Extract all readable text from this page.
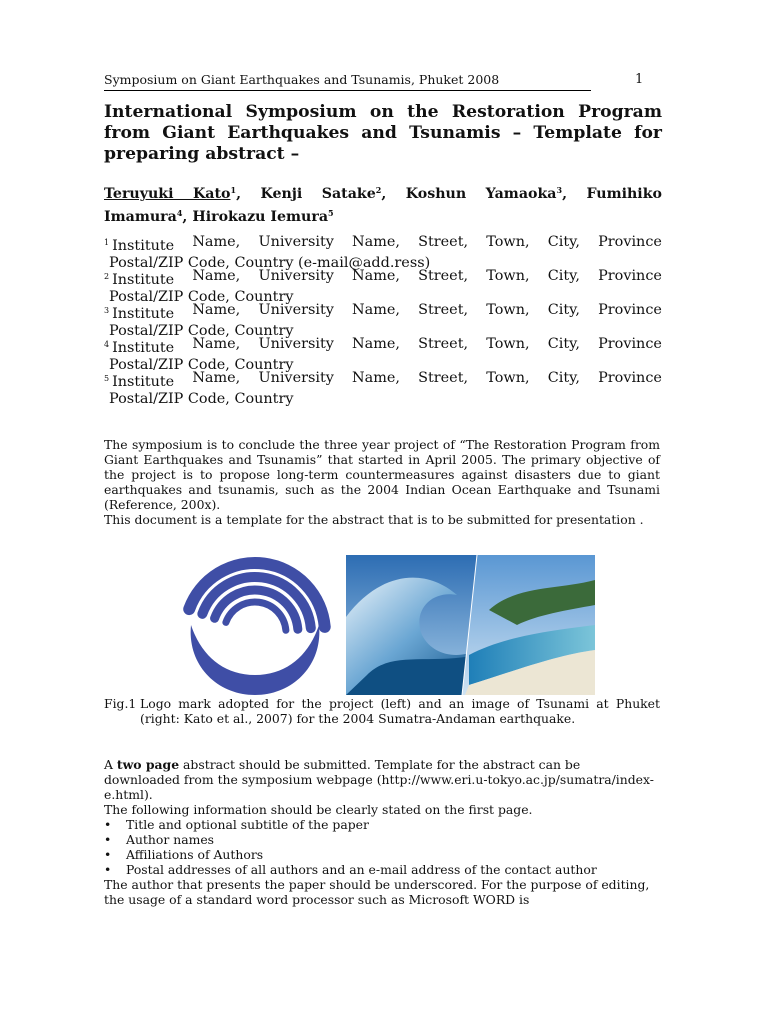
Symposium on Giant Earthquakes and Tsunamis, Phuket 2008	1
International Symposium on the Restoration Program from Giant Earthquakes and Tsunamis – Template for preparing abstract –
Teruyuki Kato$^1$, Kenji Satake$^2$, Koshun Yamaoka$^3$, Fumihiko Imamura$^4$, Hirokazu Iemura$^5$
$^1$ Institute Name, University Name, Street, Town, City, Province
Postal/ZIP Code, Country (e-mail@add.ress)
$^2$ Institute Name, University Name, Street, Town, City, Province
Postal/ZIP Code, Country
$^3$ Institute Name, University Name, Street, Town, City, Province
Postal/ZIP Code, Country
$^4$ Institute Name, University Name, Street, Town, City, Province
Postal/ZIP Code, Country
$^5$ Institute Name, University Name, Street, Town, City, Province
Postal/ZIP Code, Country

The symposium is to conclude the three year project of “The Restoration Program from Giant Earthquakes and Tsunamis” that started in April 2005. The primary objective of the project is to propose long-term countermeasures against disasters due to giant earthquakes and tsunamis, such as the 2004 Indian Ocean Earthquake and Tsunami (Reference, 200x).

This document is a template for the abstract that is to be submitted for presentation .

Fig.1 Logo mark adopted for the project (left) and an image of Tsunami at Phuket (right: Kato et al., 2007) for the 2004 Sumatra-Andaman earthquake.

A two page abstract should be submitted. Template for the abstract can be downloaded from the symposium webpage (http://www.eri.u-tokyo.ac.jp/sumatra/index-e.html).

The following information should be clearly stated on the first page.

• Title and optional subtitle of the paper
• Author names
• Affiliations of Authors
• Postal addresses of all authors and an e-mail address of the contact author

The author that presents the paper should be underscored. For the purpose of editing, the usage of a standard word processor such as Microsoft WORD is
